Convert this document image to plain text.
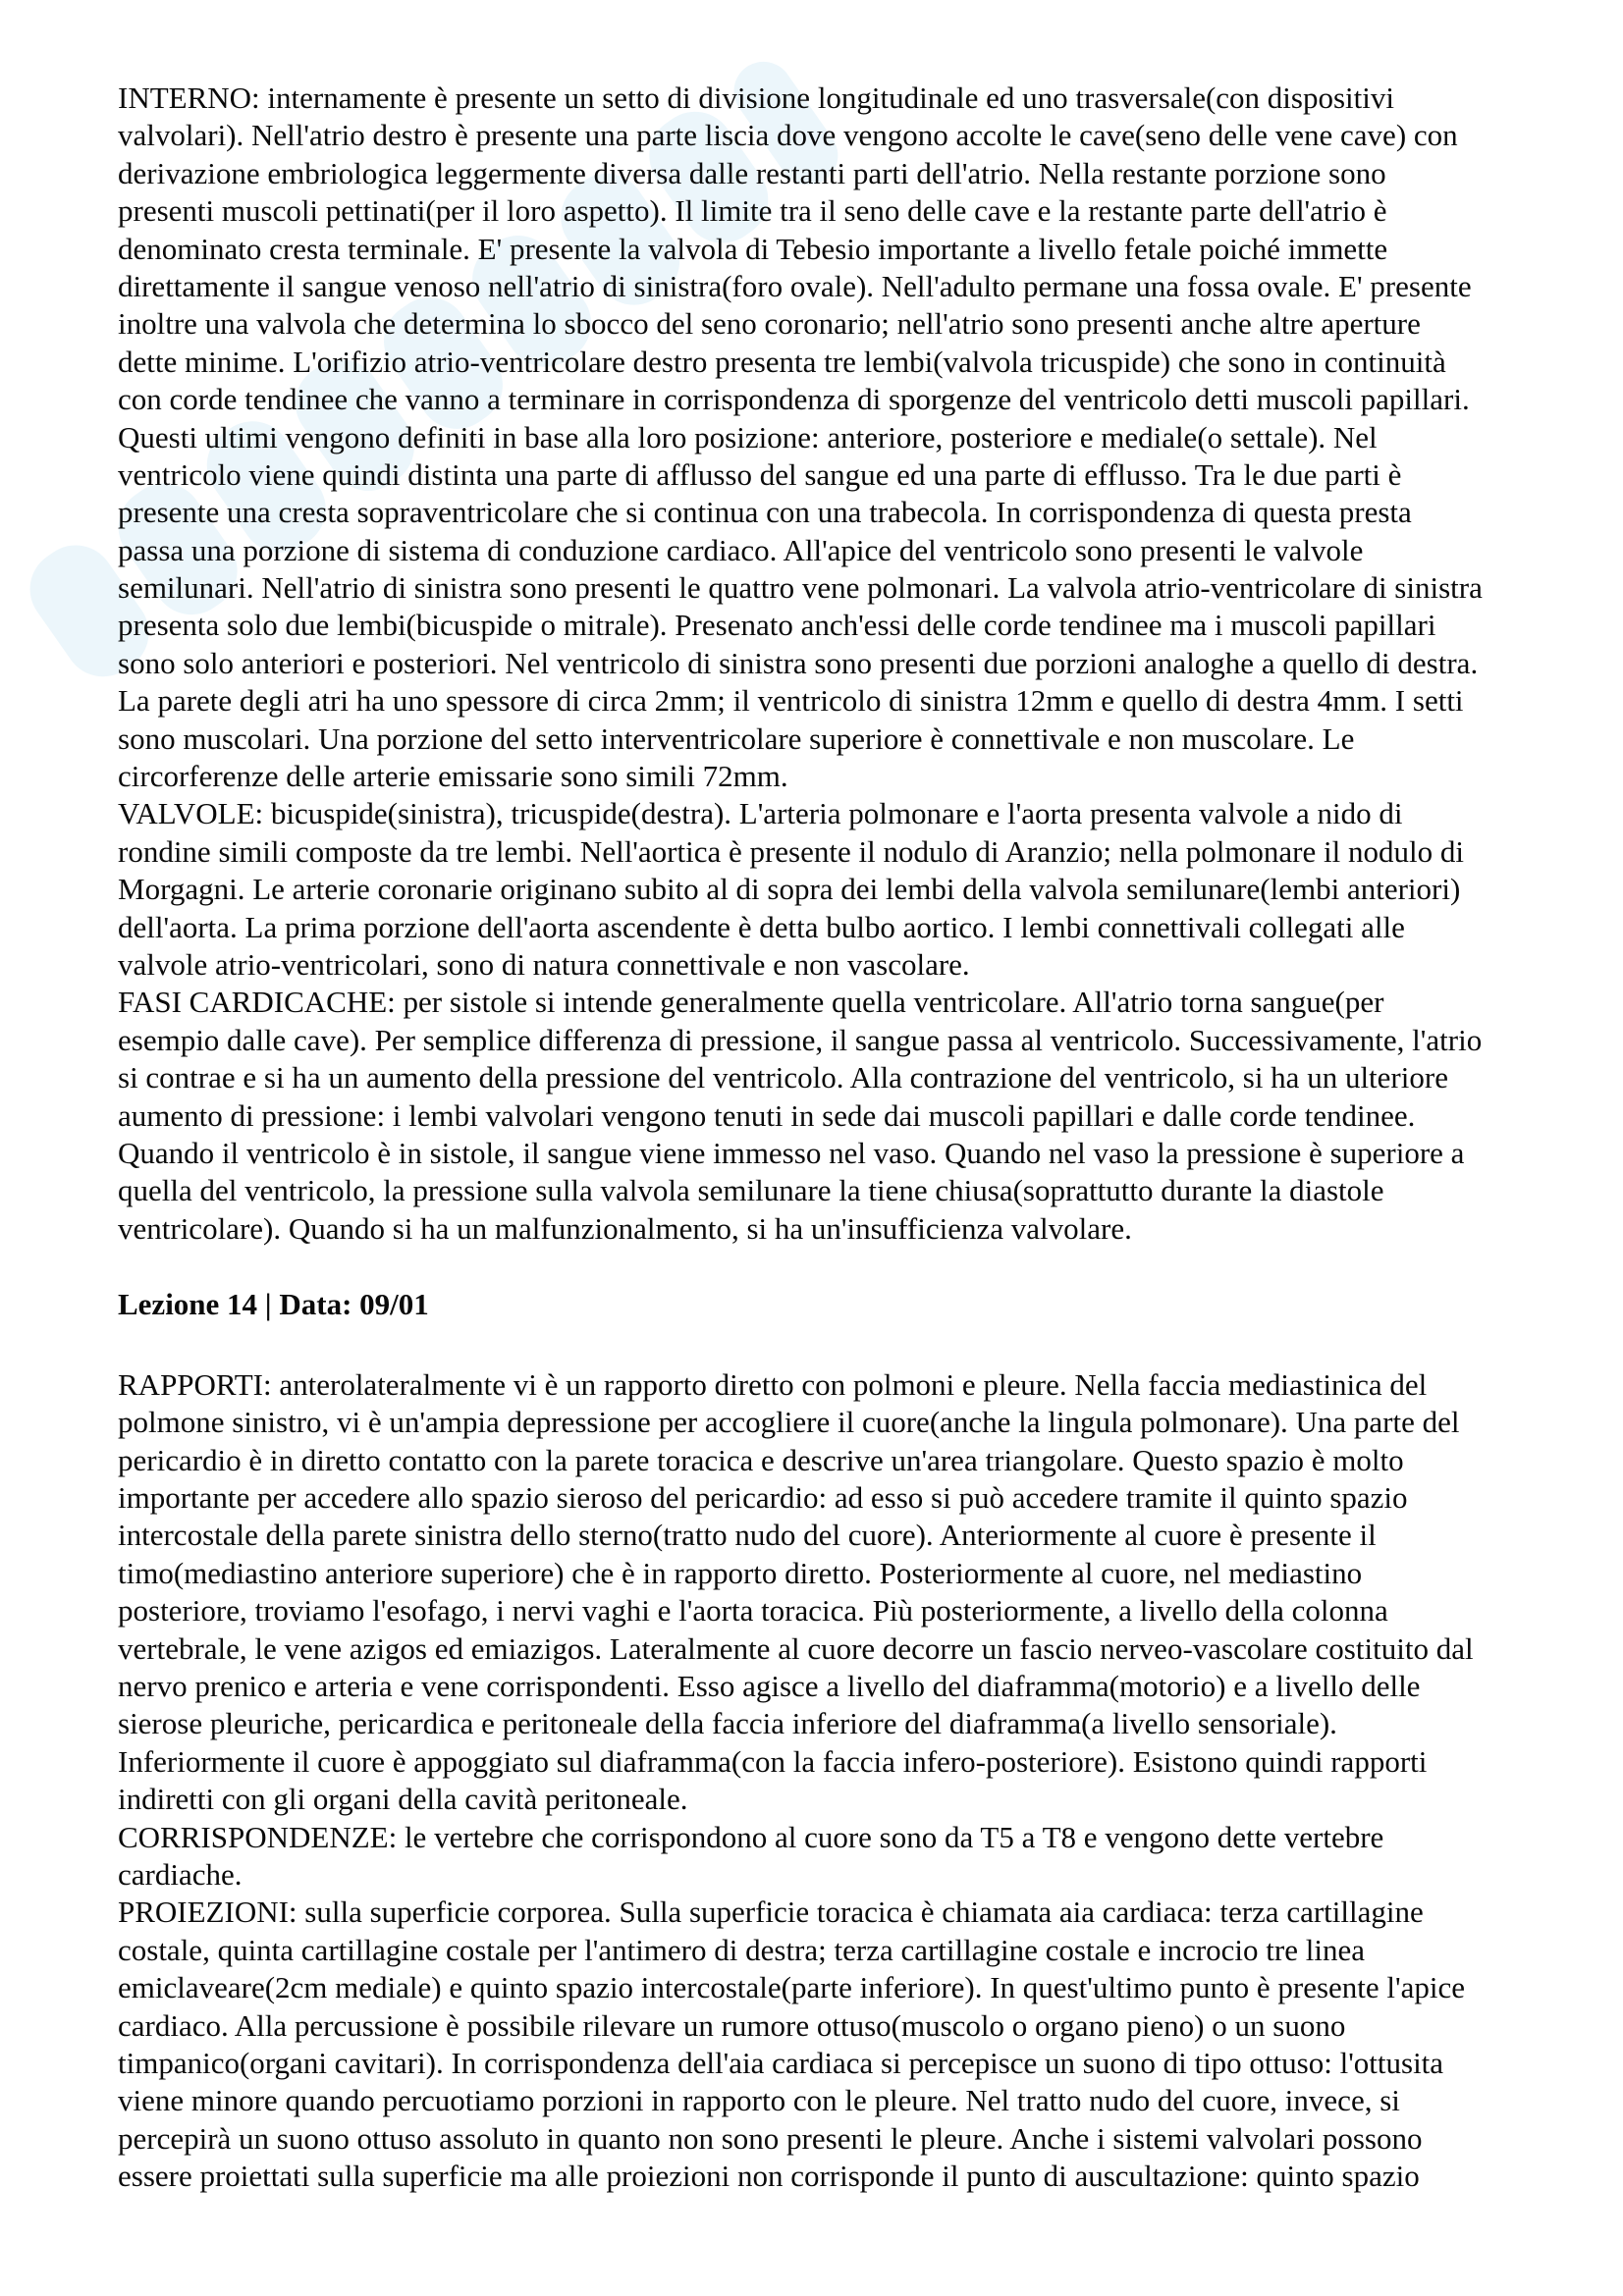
INTERNO: internamente è presente un setto di divisione longitudinale ed uno trasversale(con dispositivi
valvolari). Nell'atrio destro è presente una parte liscia dove vengono accolte le cave(seno delle vene cave) con
derivazione embriologica leggermente diversa dalle restanti parti dell'atrio. Nella restante porzione sono
presenti muscoli pettinati(per il loro aspetto). Il limite tra il seno delle cave e la restante parte dell'atrio è
denominato cresta terminale. E' presente la valvola di Tebesio importante a livello fetale poiché immette
direttamente il sangue venoso nell'atrio di sinistra(foro ovale). Nell'adulto permane una fossa ovale. E' presente
inoltre una valvola che determina lo sbocco del seno coronario; nell'atrio sono presenti anche altre aperture
dette minime. L'orifizio atrio-ventricolare destro presenta tre lembi(valvola tricuspide) che sono in continuità
con corde tendinee che vanno a terminare in corrispondenza di sporgenze del ventricolo detti muscoli papillari.
Questi ultimi vengono definiti in base alla loro posizione: anteriore, posteriore e mediale(o settale). Nel
ventricolo viene quindi distinta una parte di afflusso del sangue ed una parte di efflusso. Tra le due parti è
presente una cresta sopraventricolare che si continua con una trabecola. In corrispondenza di questa presta
passa una porzione di sistema di conduzione cardiaco. All'apice del ventricolo sono presenti le valvole
semilunari. Nell'atrio di sinistra sono presenti le quattro vene polmonari. La valvola atrio-ventricolare di sinistra
presenta solo due lembi(bicuspide o mitrale). Presenato anch'essi delle corde tendinee ma i muscoli papillari
sono solo anteriori e posteriori. Nel ventricolo di sinistra sono presenti due porzioni analoghe a quello di destra.
La parete degli atri ha uno spessore di circa 2mm; il ventricolo di sinistra 12mm e quello di destra 4mm. I setti
sono muscolari. Una porzione del setto interventricolare superiore è connettivale e non muscolare. Le
circorferenze delle arterie emissarie sono simili 72mm.
VALVOLE: bicuspide(sinistra), tricuspide(destra). L'arteria polmonare e l'aorta presenta valvole a nido di
rondine simili composte da tre lembi. Nell'aortica è presente il nodulo di Aranzio; nella polmonare il nodulo di
Morgagni. Le arterie coronarie originano subito al di sopra dei lembi della valvola semilunare(lembi anteriori)
dell'aorta. La prima porzione dell'aorta ascendente è detta bulbo aortico. I lembi connettivali collegati alle
valvole atrio-ventricolari, sono di natura connettivale e non vascolare.
FASI CARDICACHE: per sistole si intende generalmente quella ventricolare. All'atrio torna sangue(per
esempio dalle cave). Per semplice differenza di pressione, il sangue passa al ventricolo. Successivamente, l'atrio
si contrae e si ha un aumento della pressione del ventricolo. Alla contrazione del ventricolo, si ha un ulteriore
aumento di pressione: i lembi valvolari vengono tenuti in sede dai muscoli papillari e dalle corde tendinee.
Quando il ventricolo è in sistole, il sangue viene immesso nel vaso. Quando nel vaso la pressione è superiore a
quella del ventricolo, la pressione sulla valvola semilunare la tiene chiusa(soprattutto durante la diastole
ventricolare). Quando si ha un malfunzionalmento, si ha un'insufficienza valvolare.
Lezione 14 | Data: 09/01
RAPPORTI: anterolateralmente vi è un rapporto diretto con polmoni e pleure. Nella faccia mediastinica del
polmone sinistro, vi è un'ampia depressione per accogliere il cuore(anche la lingula polmonare). Una parte del
pericardio è in diretto contatto con la parete toracica e descrive un'area triangolare. Questo spazio è molto
importante per accedere allo spazio sieroso del pericardio: ad esso si può accedere tramite il quinto spazio
intercostale della parete sinistra dello sterno(tratto nudo del cuore). Anteriormente al cuore è presente il
timo(mediastino anteriore superiore) che è in rapporto diretto. Posteriormente al cuore, nel mediastino
posteriore, troviamo l'esofago, i nervi vaghi e l'aorta toracica. Più posteriormente, a livello della colonna
vertebrale, le vene azigos ed emiazigos. Lateralmente al cuore decorre un fascio nerveo-vascolare costituito dal
nervo prenico e arteria e vene corrispondenti. Esso agisce a livello del diaframma(motorio) e a livello delle
sierose pleuriche, pericardica e peritoneale della faccia inferiore del diaframma(a livello sensoriale).
Inferiormente il cuore è appoggiato sul diaframma(con la faccia infero-posteriore). Esistono quindi rapporti
indiretti con gli organi della cavità peritoneale.
CORRISPONDENZE: le vertebre che corrispondono al cuore sono da T5 a T8 e vengono dette vertebre
cardiache.
PROIEZIONI: sulla superficie corporea. Sulla superficie toracica è chiamata aia cardiaca: terza cartillagine
costale, quinta cartillagine costale per l'antimero di destra; terza cartillagine costale e incrocio tre linea
emiclaveare(2cm mediale) e quinto spazio intercostale(parte inferiore). In quest'ultimo punto è presente l'apice
cardiaco. Alla percussione è possibile rilevare un rumore ottuso(muscolo o organo pieno) o un suono
timpanico(organi cavitari). In corrispondenza dell'aia cardiaca si percepisce un suono di tipo ottuso: l'ottusita
viene minore quando percuotiamo porzioni in rapporto con le pleure. Nel tratto nudo del cuore, invece, si
percepirà un suono ottuso assoluto in quanto non sono presenti le pleure. Anche i sistemi valvolari possono
essere proiettati sulla superficie ma alle proiezioni non corrisponde il punto di auscultazione: quinto spazio
